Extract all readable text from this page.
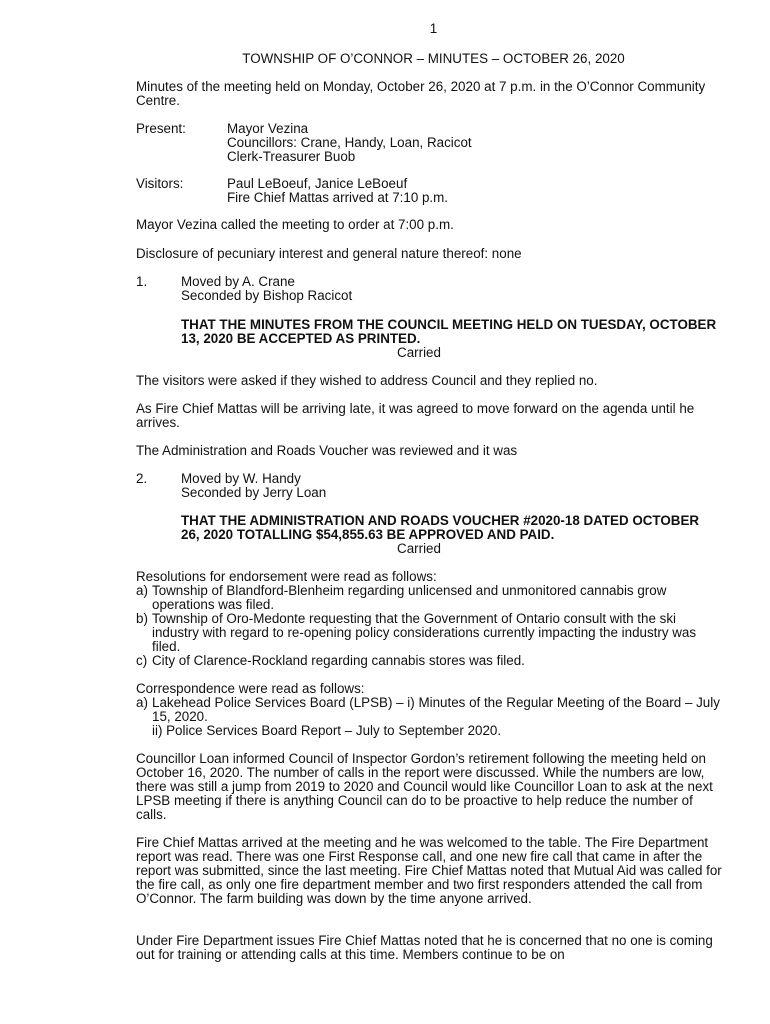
1
TOWNSHIP OF O’CONNOR – MINUTES – OCTOBER 26, 2020

Minutes of the meeting held on Monday, October 26, 2020 at 7 p.m. in the O’Connor Community Centre.

Present:	Mayor Vezina
Councillors: Crane, Handy, Loan, Racicot
Clerk-Treasurer Buob
Visitors:	Paul LeBoeuf, Janice LeBoeuf
Fire Chief Mattas arrived at 7:10 p.m.

Mayor Vezina called the meeting to order at 7:00 p.m.

Disclosure of pecuniary interest and general nature thereof: none

1.	Moved by A. Crane
Seconded by Bishop Racicot

THAT THE MINUTES FROM THE COUNCIL MEETING HELD ON TUESDAY, OCTOBER 13, 2020 BE ACCEPTED AS PRINTED.

Carried

The visitors were asked if they wished to address Council and they replied no.

As Fire Chief Mattas will be arriving late, it was agreed to move forward on the agenda until he arrives.

The Administration and Roads Voucher was reviewed and it was

2.	Moved by W. Handy
Seconded by Jerry Loan

THAT THE ADMINISTRATION AND ROADS VOUCHER #2020-18 DATED OCTOBER 26, 2020 TOTALLING $54,855.63 BE APPROVED AND PAID.

Carried
Resolutions for endorsement were read as follows:
a) Township of Blandford-Blenheim regarding unlicensed and unmonitored cannabis grow operations was filed.
b) Township of Oro-Medonte requesting that the Government of Ontario consult with the ski industry with regard to re-opening policy considerations currently impacting the industry was filed.
c) City of Clarence-Rockland regarding cannabis stores was filed.
Correspondence were read as follows:
a) Lakehead Police Services Board (LPSB) – i) Minutes of the Regular Meeting of the Board – July 15, 2020.
ii) Police Services Board Report – July to September 2020.

Councillor Loan informed Council of Inspector Gordon’s retirement following the meeting held on October 16, 2020. The number of calls in the report were discussed. While the numbers are low, there was still a jump from 2019 to 2020 and Council would like Councillor Loan to ask at the next LPSB meeting if there is anything Council can do to be proactive to help reduce the number of calls.

Fire Chief Mattas arrived at the meeting and he was welcomed to the table. The Fire Department report was read. There was one First Response call, and one new fire call that came in after the report was submitted, since the last meeting. Fire Chief Mattas noted that Mutual Aid was called for the fire call, as only one fire department member and two first responders attended the call from O’Connor. The farm building was down by the time anyone arrived.

Under Fire Department issues Fire Chief Mattas noted that he is concerned that no one is coming out for training or attending calls at this time. Members continue to be on
